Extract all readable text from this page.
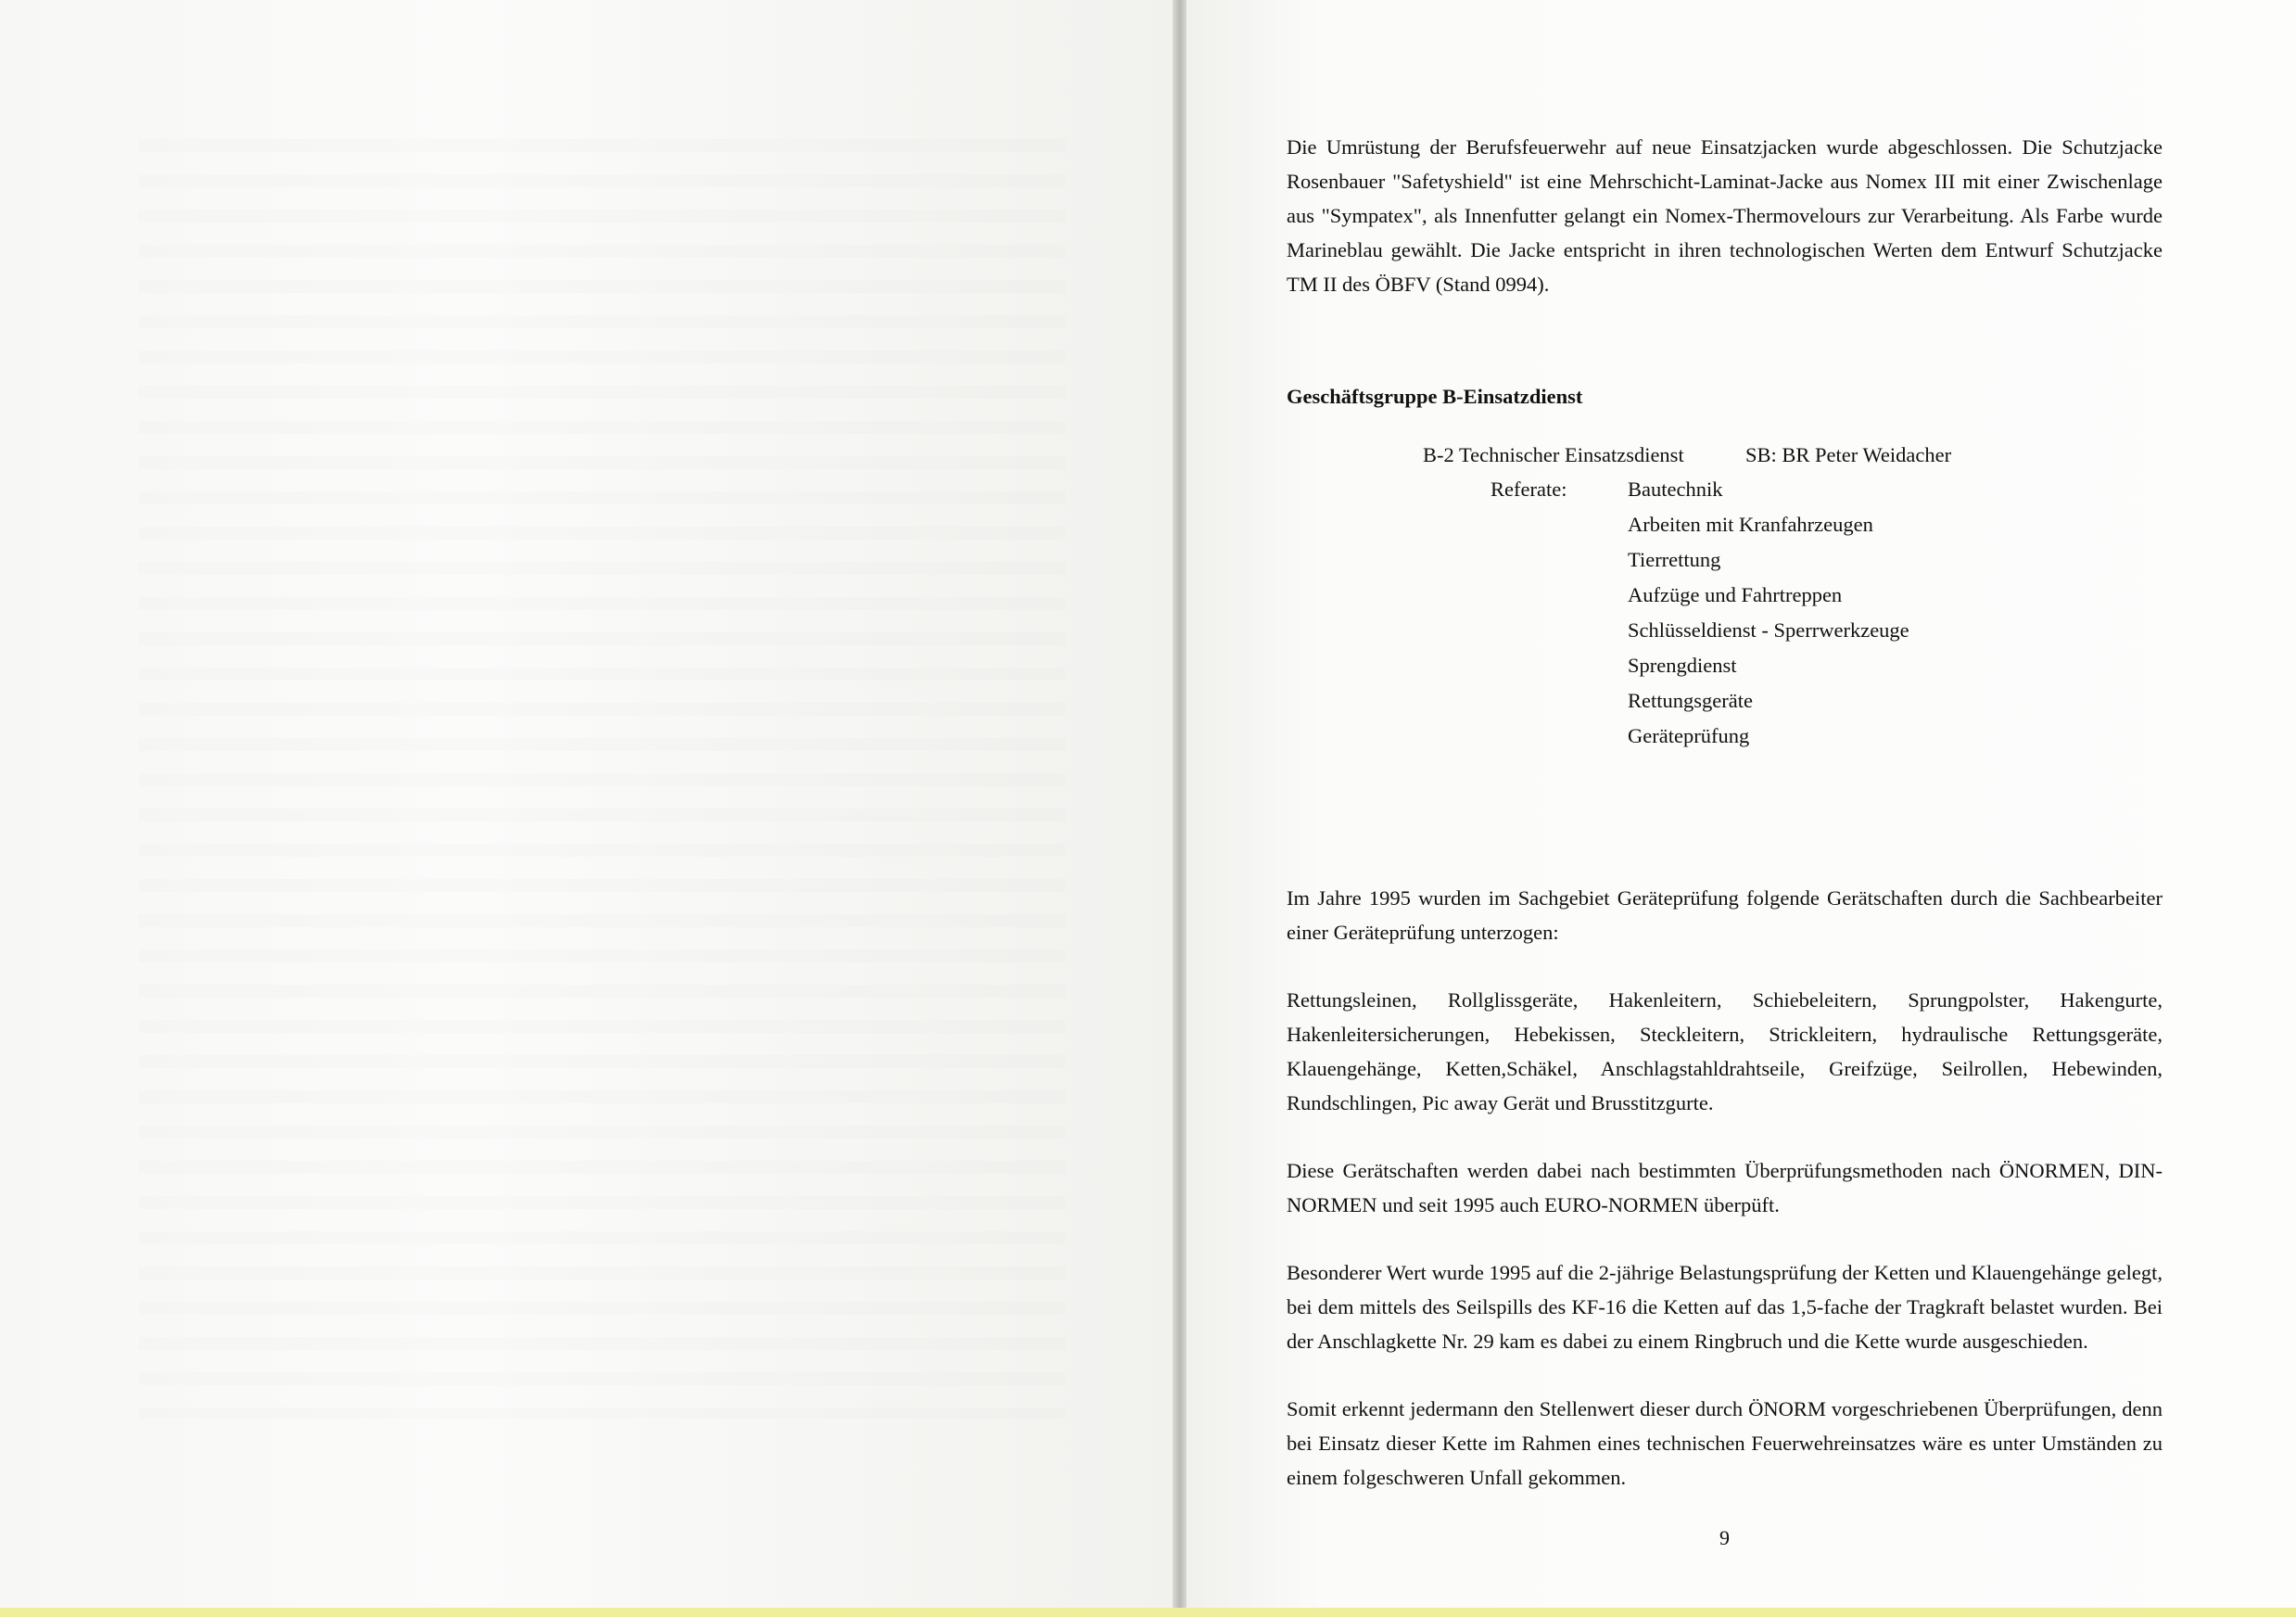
Die Umrüstung der Berufsfeuerwehr auf neue Einsatzjacken wurde abgeschlossen. Die Schutzjacke Rosenbauer "Safetyshield" ist eine Mehrschicht-Laminat-Jacke aus Nomex III mit einer Zwischenlage aus "Sympatex", als Innenfutter gelangt ein Nomex-Thermovelours zur Verarbeitung. Als Farbe wurde Marineblau gewählt. Die Jacke entspricht in ihren technologischen Werten dem Entwurf Schutzjacke TM II des ÖBFV (Stand 0994).

Geschäftsgruppe B-Einsatzdienst
B-2 Technischer Einsatzsdienst	SB: BR Peter Weidacher
Referate:	Bautechnik
Arbeiten mit Kranfahrzeugen
Tierrettung
Aufzüge und Fahrtreppen
Schlüsseldienst - Sperrwerkzeuge
Sprengdienst
Rettungsgeräte
Geräteprüfung

Im Jahre 1995 wurden im Sachgebiet Geräteprüfung folgende Gerätschaften durch die Sachbearbeiter einer Geräteprüfung unterzogen:

Rettungsleinen, Rollglissgeräte, Hakenleitern, Schiebeleitern, Sprungpolster, Hakengurte, Hakenleitersicherungen, Hebekissen, Steckleitern, Strickleitern, hydraulische Rettungsgeräte, Klauengehänge, Ketten,Schäkel, Anschlagstahldrahtseile, Greifzüge, Seilrollen, Hebewinden, Rundschlingen, Pic away Gerät und Brusstitzgurte.

Diese Gerätschaften werden dabei nach bestimmten Überprüfungsmethoden nach ÖNORMEN, DIN-NORMEN und seit 1995 auch EURO-NORMEN überpüft.

Besonderer Wert wurde 1995 auf die 2-jährige Belastungsprüfung der Ketten und Klauengehänge gelegt, bei dem mittels des Seilspills des KF-16 die Ketten auf das 1,5-fache der Tragkraft belastet wurden. Bei der Anschlagkette Nr. 29 kam es dabei zu einem Ringbruch und die Kette wurde ausgeschieden.

Somit erkennt jedermann den Stellenwert dieser durch ÖNORM vorgeschriebenen Überprüfungen, denn bei Einsatz dieser Kette im Rahmen eines technischen Feuerwehreinsatzes wäre es unter Umständen zu einem folgeschweren Unfall gekommen.

9
